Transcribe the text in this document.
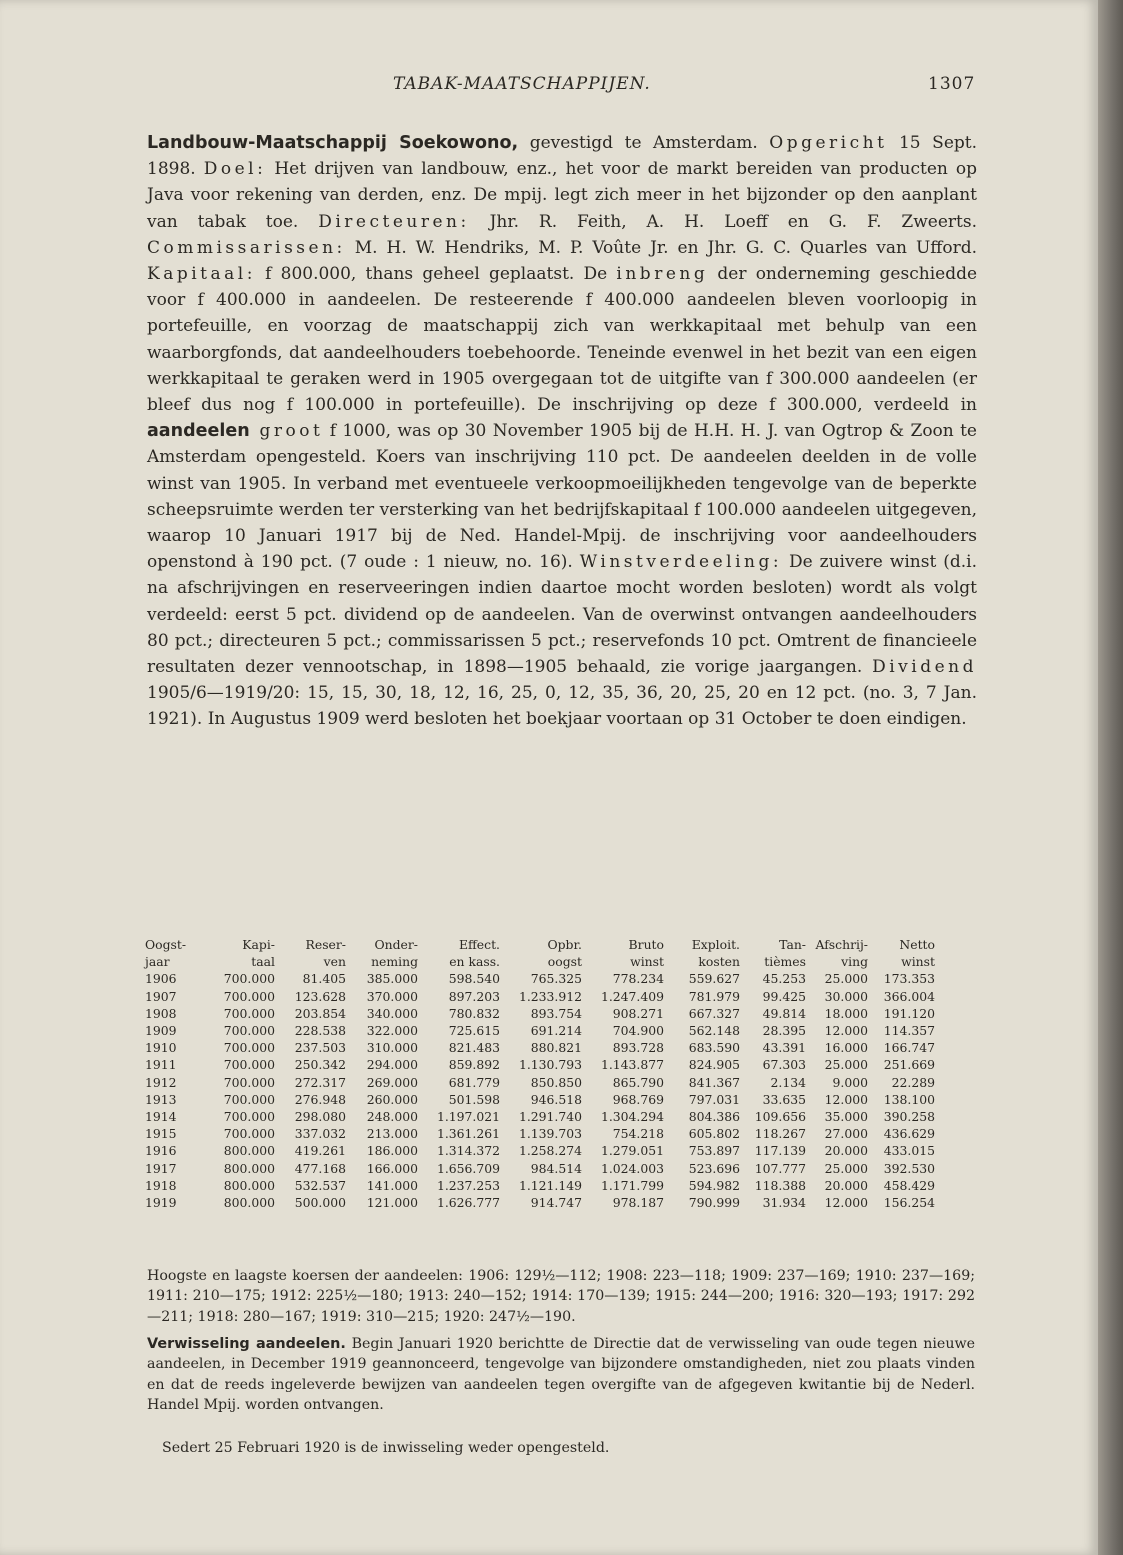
TABAK-MAATSCHAPPIJEN.	1307

Landbouw-Maatschappij Soekowono, gevestigd te Amsterdam. Opgericht 15 Sept. 1898. Doel: Het drijven van landbouw, enz., het voor de markt bereiden van producten op Java voor rekening van derden, enz. De mpij. legt zich meer in het bijzonder op den aanplant van tabak toe. Directeuren: Jhr. R. Feith, A. H. Loeff en G. F. Zweerts. Commissarissen: M. H. W. Hendriks, M. P. Voûte Jr. en Jhr. G. C. Quarles van Ufford. Kapitaal: f 800.000, thans geheel geplaatst. De inbreng der onderneming geschiedde voor f 400.000 in aandeelen. De resteerende f 400.000 aandeelen bleven voorloopig in portefeuille, en voorzag de maatschappij zich van werkkapitaal met behulp van een waarborgfonds, dat aandeelhouders toebehoorde. Teneinde evenwel in het bezit van een eigen werkkapitaal te geraken werd in 1905 overgegaan tot de uitgifte van f 300.000 aandeelen (er bleef dus nog f 100.000 in portefeuille). De inschrijving op deze f 300.000, verdeeld in aandeelen groot f 1000, was op 30 November 1905 bij de H.H. H. J. van Ogtrop & Zoon te Amsterdam opengesteld. Koers van inschrijving 110 pct. De aandeelen deelden in de volle winst van 1905. In verband met eventueele verkoopmoeilijkheden tengevolge van de beperkte scheepsruimte werden ter versterking van het bedrijfskapitaal f 100.000 aandeelen uitgegeven, waarop 10 Januari 1917 bij de Ned. Handel-Mpij. de inschrijving voor aandeelhouders openstond à 190 pct. (7 oude : 1 nieuw, no. 16). Winstverdeeling: De zuivere winst (d.i. na afschrijvingen en reserveeringen indien daartoe mocht worden besloten) wordt als volgt verdeeld: eerst 5 pct. dividend op de aandeelen. Van de overwinst ontvangen aandeelhouders 80 pct.; directeuren 5 pct.; commissarissen 5 pct.; reservefonds 10 pct. Omtrent de financieele resultaten dezer vennootschap, in 1898—1905 behaald, zie vorige jaargangen. Dividend 1905/6—1919/20: 15, 15, 30, 18, 12, 16, 25, 0, 12, 35, 36, 20, 25, 20 en 12 pct. (no. 3, 7 Jan. 1921). In Augustus 1909 werd besloten het boekjaar voortaan op 31 October te doen eindigen.

Oogst-	Kapi-	Reser-	Onder-	Effect.	Opbr.	Bruto	Exploit.	Tan-	Afschrij-	Netto
jaar	taal	ven	neming	en kass.	oogst	winst	kosten	tièmes	ving	winst
1906	700.000	81.405	385.000	598.540	765.325	778.234	559.627	45.253	25.000	173.353
1907	700.000	123.628	370.000	897.203	1.233.912	1.247.409	781.979	99.425	30.000	366.004
1908	700.000	203.854	340.000	780.832	893.754	908.271	667.327	49.814	18.000	191.120
1909	700.000	228.538	322.000	725.615	691.214	704.900	562.148	28.395	12.000	114.357
1910	700.000	237.503	310.000	821.483	880.821	893.728	683.590	43.391	16.000	166.747
1911	700.000	250.342	294.000	859.892	1.130.793	1.143.877	824.905	67.303	25.000	251.669
1912	700.000	272.317	269.000	681.779	850.850	865.790	841.367	2.134	9.000	22.289
1913	700.000	276.948	260.000	501.598	946.518	968.769	797.031	33.635	12.000	138.100
1914	700.000	298.080	248.000	1.197.021	1.291.740	1.304.294	804.386	109.656	35.000	390.258
1915	700.000	337.032	213.000	1.361.261	1.139.703	754.218	605.802	118.267	27.000	436.629
1916	800.000	419.261	186.000	1.314.372	1.258.274	1.279.051	753.897	117.139	20.000	433.015
1917	800.000	477.168	166.000	1.656.709	984.514	1.024.003	523.696	107.777	25.000	392.530
1918	800.000	532.537	141.000	1.237.253	1.121.149	1.171.799	594.982	118.388	20.000	458.429
1919	800.000	500.000	121.000	1.626.777	914.747	978.187	790.999	31.934	12.000	156.254

Hoogste en laagste koersen der aandeelen: 1906: 129½—112; 1908: 223—118; 1909: 237—169; 1910: 237—169; 1911: 210—175; 1912: 225½—180; 1913: 240—152; 1914: 170—139; 1915: 244—200; 1916: 320—193; 1917: 292—211; 1918: 280—167; 1919: 310—215; 1920: 247½—190.

Verwisseling aandeelen. Begin Januari 1920 berichtte de Directie dat de verwisseling van oude tegen nieuwe aandeelen, in December 1919 geannonceerd, tengevolge van bijzondere omstandigheden, niet zou plaats vinden en dat de reeds ingeleverde bewijzen van aandeelen tegen overgifte van de afgegeven kwitantie bij de Nederl. Handel Mpij. worden ontvangen.

Sedert 25 Februari 1920 is de inwisseling weder opengesteld.
